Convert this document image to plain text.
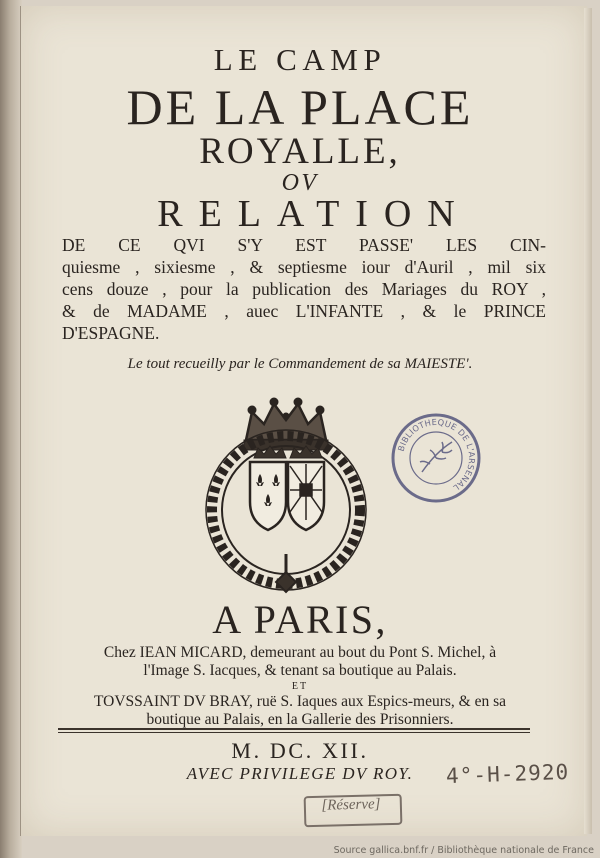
LE CAMP
DE LA PLACE
ROYALLE,
OV
RELATION
DE CE QVI S'Y EST PASSE' LES CIN-
quiesme , sixiesme , & septiesme iour d'Auril , mil six
cens douze , pour la publication des Mariages du ROY ,
& de MADAME , auec L'INFANTE , & le PRINCE
D'ESPAGNE.
Le tout recueilly par le Commandement de sa MAIESTE'.
BIBLIOTHEQUE DE L'ARSENAL
A PARIS,
Chez IEAN MICARD, demeurant au bout du Pont S. Michel, à
l'Image S. Iacques, & tenant sa boutique au Palais.
ET
TOVSSAINT DV BRAY, ruë S. Iaques aux Espics-meurs, & en sa
boutique au Palais, en la Gallerie des Prisonniers.
M. DC. XII.
AVEC PRIVILEGE DV ROY.	4°-H-2920
[Réserve]
Source gallica.bnf.fr / Bibliothèque nationale de France
